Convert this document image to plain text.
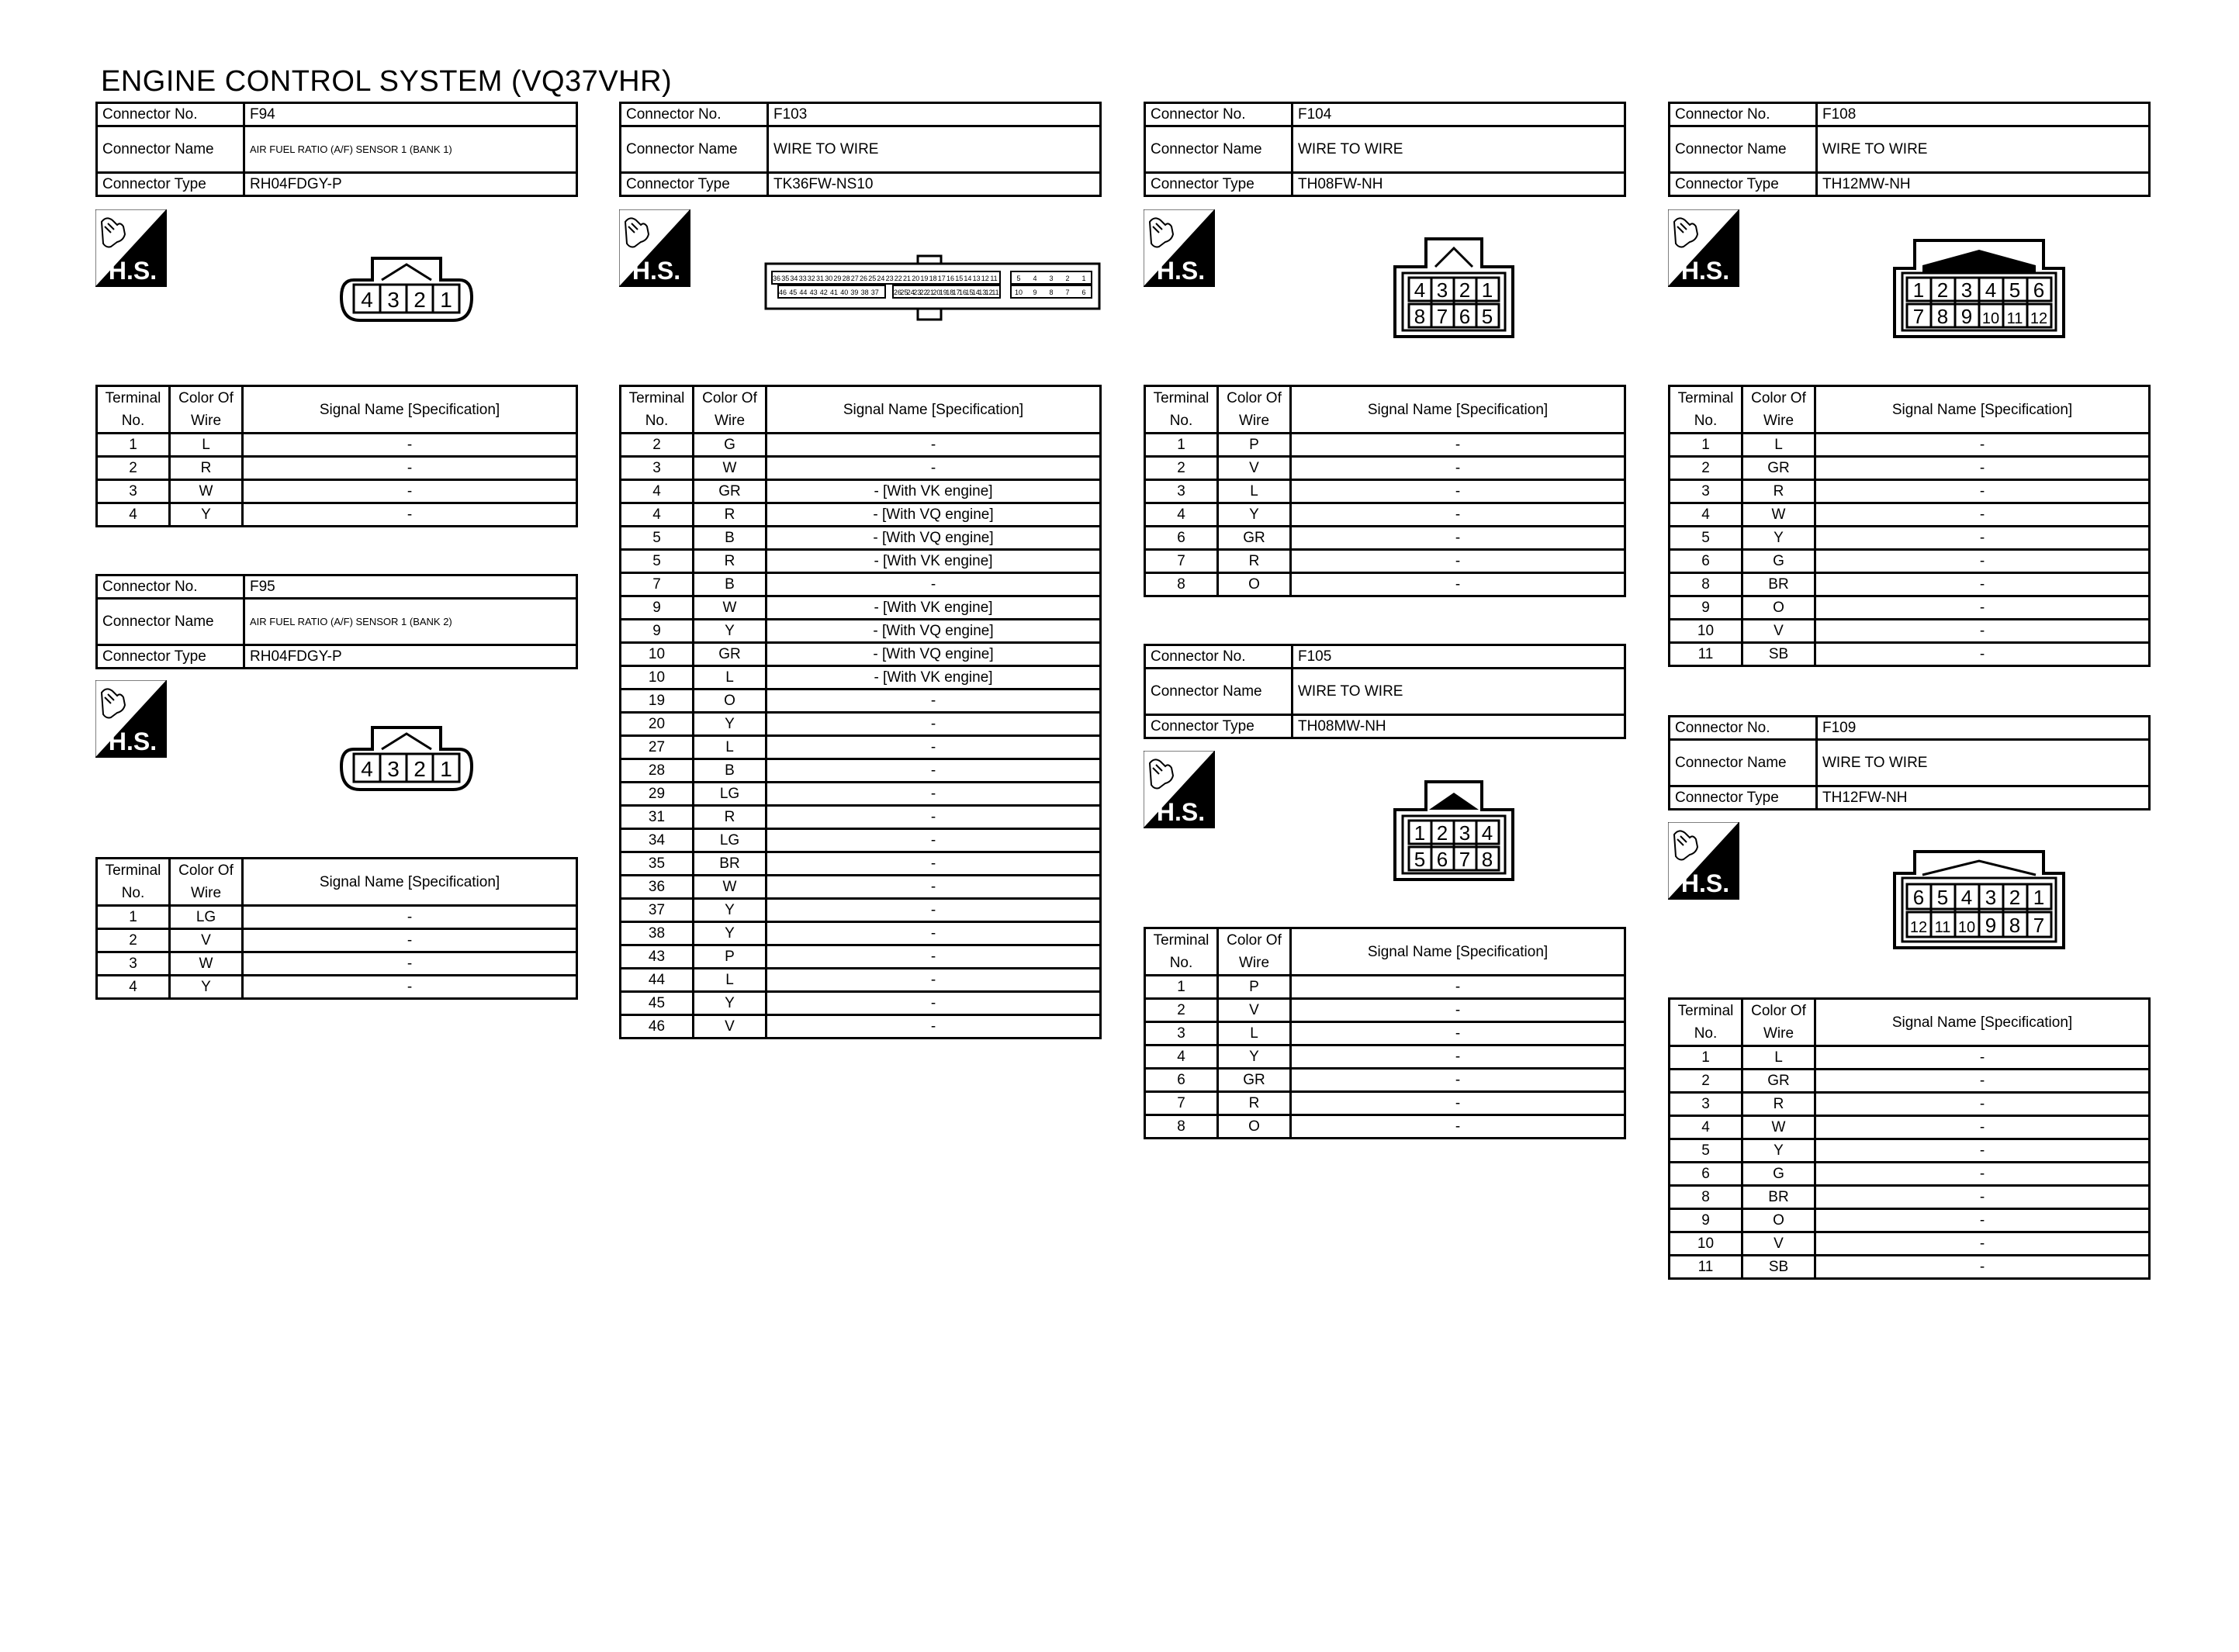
ENGINE CONTROL SYSTEM (VQ37VHR)
Connector No.	F94
Connector Name	AIR FUEL RATIO (A/F) SENSOR 1 (BANK 1)
Connector Type	RH04FDGY-P
H.S.
4 3 2 1
Terminal
No.	Color Of
Wire	Signal Name [Specification]
1	L	-
2	R	-
3	W	-
4	Y	-
Connector No.	F95
Connector Name	AIR FUEL RATIO (A/F) SENSOR 1 (BANK 2)
Connector Type	RH04FDGY-P
H.S.
4 3 2 1
Terminal
No.	Color Of
Wire	Signal Name [Specification]
1	LG	-
2	V	-
3	W	-
4	Y	-
Connector No.	F103
Connector Name	WIRE TO WIRE
Connector Type	TK36FW-NS10
H.S.	36 35 34 33 32 31 30 29 28 27 26 25 24 23 22 21 20 19 18 17 16 15 14 13 12 11
46 45 44 43 42 41 40 39 38 37 26
25
24
23
22
21
20
19
18
17
16
15
14
13
12
11
5 4 3 2 1
10 9 8 7 6
Terminal
No.	Color Of
Wire	Signal Name [Specification]
2	G	-
3	W	-
4	GR	- [With VK engine]
4	R	- [With VQ engine]
5	B	- [With VQ engine]
5	R	- [With VK engine]
7	B	-
9	W	- [With VK engine]
9	Y	- [With VQ engine]
10	GR	- [With VQ engine]
10	L	- [With VK engine]
19	O	-
20	Y	-
27	L	-
28	B	-
29	LG	-
31	R	-
34	LG	-
35	BR	-
36	W	-
37	Y	-
38	Y	-
43	P	-
44	L	-
45	Y	-
46	V	-
Connector No.	F104
Connector Name	WIRE TO WIRE
Connector Type	TH08FW-NH
H.S.
4 3 2 1
8 7 6 5
Terminal
No.	Color Of
Wire	Signal Name [Specification]
1	P	-
2	V	-
3	L	-
4	Y	-
6	GR	-
7	R	-
8	O	-
Connector No.	F105
Connector Name	WIRE TO WIRE
Connector Type	TH08MW-NH
H.S.
1 2 3 4
5 6 7 8
Terminal
No.	Color Of
Wire	Signal Name [Specification]
1	P	-
2	V	-
3	L	-
4	Y	-
6	GR	-
7	R	-
8	O	-
Connector No.	F108
Connector Name	WIRE TO WIRE
Connector Type	TH12MW-NH
H.S.
1 2 3 4 5 6
7 8 9 10 11 12
Terminal
No.	Color Of
Wire	Signal Name [Specification]
1	L	-
2	GR	-
3	R	-
4	W	-
5	Y	-
6	G	-
8	BR	-
9	O	-
10	V	-
11	SB	-
Connector No.	F109
Connector Name	WIRE TO WIRE
Connector Type	TH12FW-NH
H.S.	6 5 4 3 2 1
12 11 10 9 8 7
Terminal
No.	Color Of
Wire	Signal Name [Specification]
1	L	-
2	GR	-
3	R	-
4	W	-
5	Y	-
6	G	-
8	BR	-
9	O	-
10	V	-
11	SB	-
